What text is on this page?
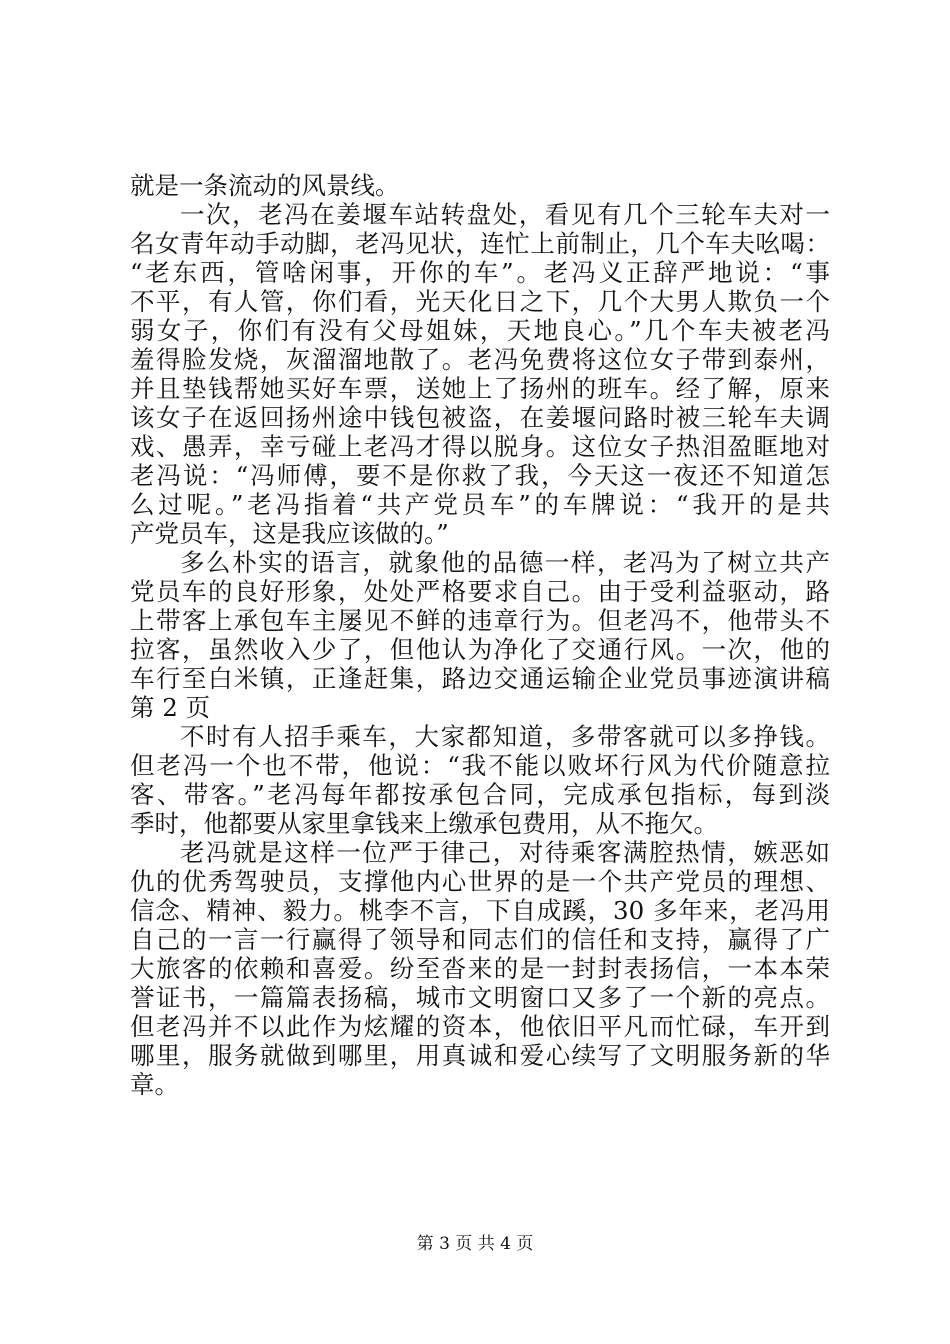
就是一条流动的风景线。
一次，老冯在姜堰车站转盘处，看见有几个三轮车夫对一
名女青年动手动脚，老冯见状，连忙上前制止，几个车夫吆喝：
“老东西，管啥闲事，开你的车”。老冯义正辞严地说：“事
不平，有人管，你们看，光天化日之下，几个大男人欺负一个
弱女子，你们有没有父母姐妹，天地良心。”几个车夫被老冯
羞得脸发烧，灰溜溜地散了。老冯免费将这位女子带到泰州，
并且垫钱帮她买好车票，送她上了扬州的班车。经了解，原来
该女子在返回扬州途中钱包被盗，在姜堰问路时被三轮车夫调
戏、愚弄，幸亏碰上老冯才得以脱身。这位女子热泪盈眶地对
老冯说：“冯师傅，要不是你救了我，今天这一夜还不知道怎
么过呢。”老冯指着“共产党员车”的车牌说：“我开的是共
产党员车，这是我应该做的。”
多么朴实的语言，就象他的品德一样，老冯为了树立共产
党员车的良好形象，处处严格要求自己。由于受利益驱动，路
上带客上承包车主屡见不鲜的违章行为。但老冯不，他带头不
拉客，虽然收入少了，但他认为净化了交通行风。一次，他的
车行至白米镇，正逢赶集，路边交通运输企业党员事迹演讲稿
第 2 页
不时有人招手乘车，大家都知道，多带客就可以多挣钱。
但老冯一个也不带，他说：“我不能以败坏行风为代价随意拉
客、带客。”老冯每年都按承包合同，完成承包指标，每到淡
季时，他都要从家里拿钱来上缴承包费用，从不拖欠。
老冯就是这样一位严于律己，对待乘客满腔热情，嫉恶如
仇的优秀驾驶员，支撑他内心世界的是一个共产党员的理想、
信念、精神、毅力。桃李不言，下自成蹊，30 多年来，老冯用
自己的一言一行赢得了领导和同志们的信任和支持，赢得了广
大旅客的依赖和喜爱。纷至沓来的是一封封表扬信，一本本荣
誉证书，一篇篇表扬稿，城市文明窗口又多了一个新的亮点。
但老冯并不以此作为炫耀的资本，他依旧平凡而忙碌，车开到
哪里，服务就做到哪里，用真诚和爱心续写了文明服务新的华
章。
第 3 页 共 4 页
